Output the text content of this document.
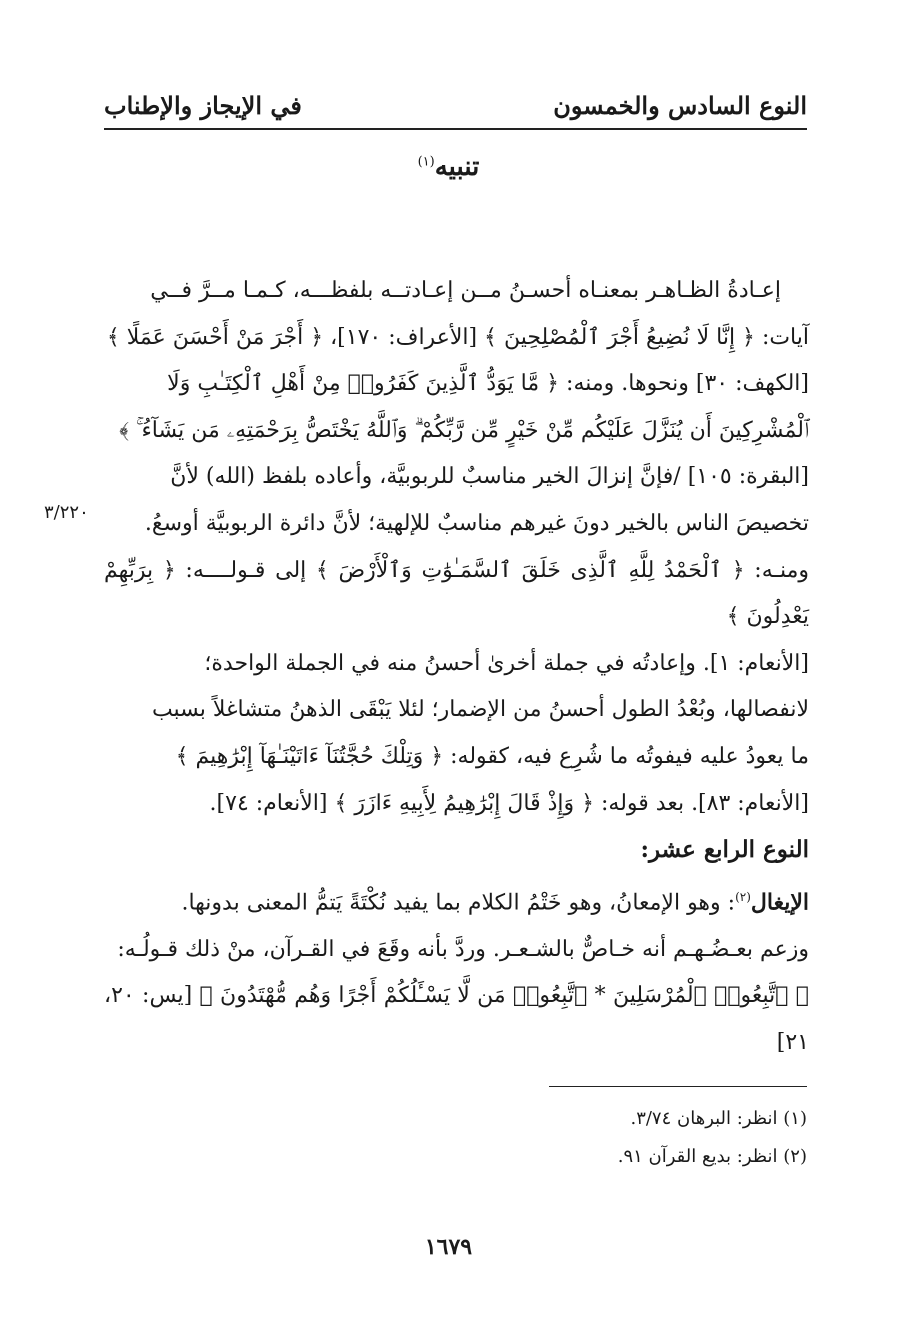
النوع السادس والخمسون
في الإيجاز والإطناب
تنبيه$^{(١)}$
٣/٢٢٠

إعـادةُ الظـاهـر بمعنـاه أحسـنُ مــن إعـادتــه بلفظـــه، كـمـا مــرَّ فــي

آيات: ﴿ إِنَّا لَا نُضِيعُ أَجْرَ ٱلْمُصْلِحِينَ ﴾ [الأعراف: ١٧٠]، ﴿ أَجْرَ مَنْ أَحْسَنَ عَمَلًا ﴾

[الكهف: ٣٠] ونحوها. ومنه: ﴿ مَّا يَوَدُّ ٱلَّذِينَ كَفَرُوا۟ مِنْ أَهْلِ ٱلْكِتَـٰبِ وَلَا

ٱلْمُشْرِكِينَ أَن يُنَزَّلَ عَلَيْكُم مِّنْ خَيْرٍ مِّن رَّبِّكُمْ ۗ وَٱللَّهُ يَخْتَصُّ بِرَحْمَتِهِۦ مَن يَشَآءُ ۚ ﴾

[البقرة: ١٠٥] /فإنَّ إنزالَ الخير مناسبٌ للربوبيَّة، وأعاده بلفظ (الله) لأنَّ

تخصيصَ الناس بالخير دونَ غيرهم مناسبٌ للإلهية؛ لأنَّ دائرة الربوبيَّة أوسعُ.

ومنـه: ﴿ ٱلْحَمْدُ لِلَّهِ ٱلَّذِى خَلَقَ ٱلسَّمَـٰوَٰتِ وَٱلْأَرْضَ ﴾ إلى قـولــــه: ﴿ بِرَبِّهِمْ يَعْدِلُونَ ﴾

[الأنعام: ١]. وإعادتُه في جملة أخرىٰ أحسنُ منه في الجملة الواحدة؛

لانفصالها، وبُعْدُ الطول أحسنُ من الإضمار؛ لئلا يَبْقَى الذهنُ متشاغلاً بسبب

ما يعودُ عليه فيفوتُه ما شُرِع فيه، كقوله: ﴿ وَتِلْكَ حُجَّتُنَآ ءَاتَيْنَـٰهَآ إِبْرَٰهِيمَ ﴾

[الأنعام: ٨٣]. بعد قوله: ﴿ وَإِذْ قَالَ إِبْرَٰهِيمُ لِأَبِيهِ ءَازَرَ ﴾ [الأنعام: ٧٤].

النوع الرابع عشر:

الإيغال$^{(٢)}$: وهو الإمعانُ، وهو خَتْمُ الكلام بما يفيد نُكْتَةً يَتمُّ المعنى بدونها.

وزعم بعـضُـهـم أنه خـاصٌّ بالشـعـر. وردَّ بأنه وقَعَ في القـرآن، منْ ذلك قـولُـه:

﴿ ٱتَّبِعُوا۟ ٱلْمُرْسَلِينَ * ٱتَّبِعُوا۟ مَن لَّا يَسْـَٔلُكُمْ أَجْرًا وَهُم مُّهْتَدُونَ ﴾ [يس: ٢٠، ٢١]

(١) انظر: البرهان ٣/٧٤.

(٢) انظر: بديع القرآن ٩١.

١٦٧٩
